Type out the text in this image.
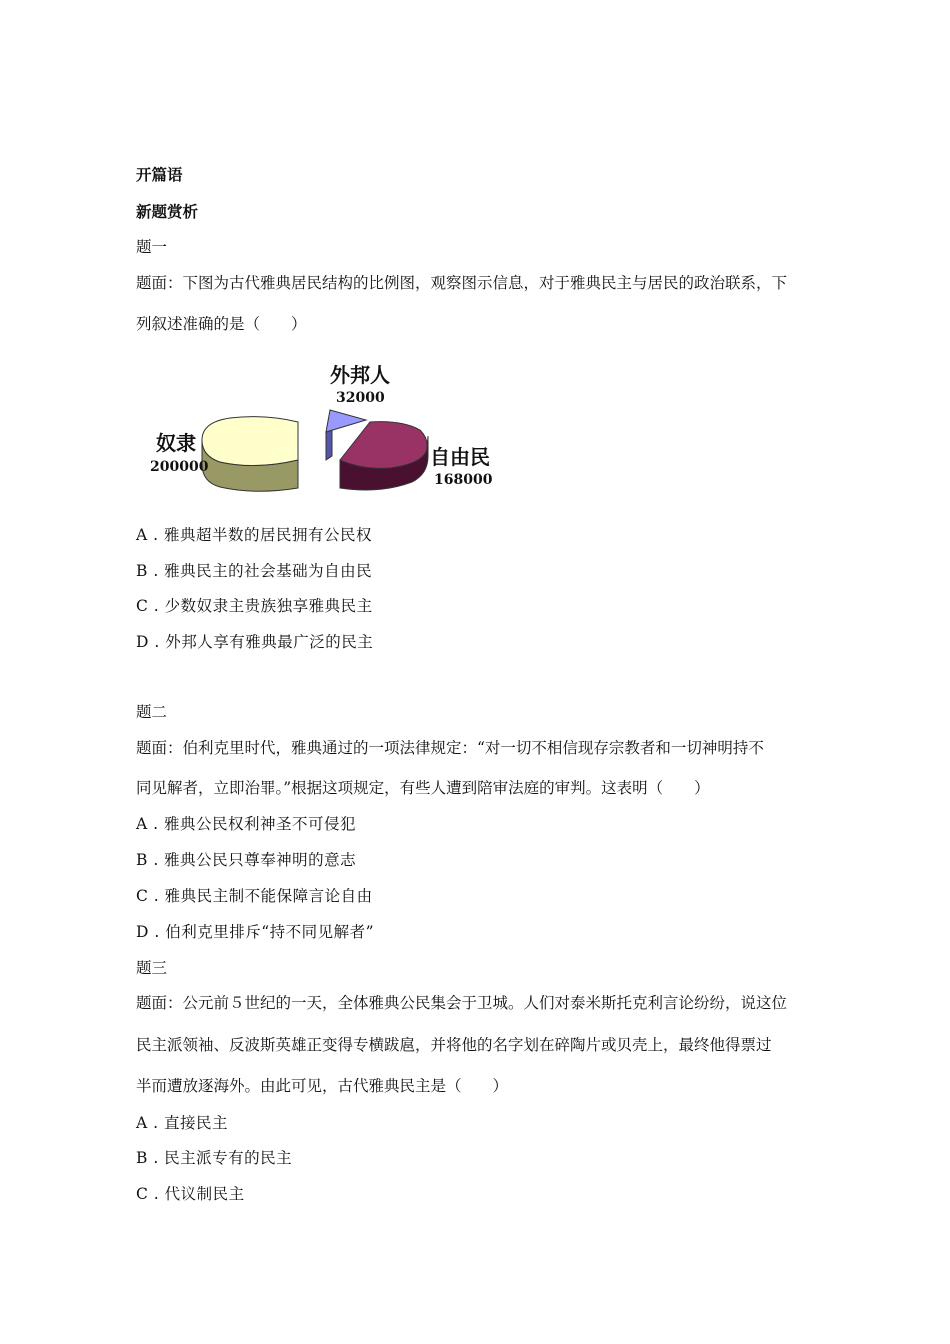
开篇语
新题赏析
题一
题面：下图为古代雅典居民结构的比例图，观察图示信息，对于雅典民主与居民的政治联系，下
列叙述准确的是（　　）
外邦人
32000
奴隶
200000	自由民
168000
A . 雅典超半数的居民拥有公民权
B . 雅典民主的社会基础为自由民
C . 少数奴隶主贵族独享雅典民主
D . 外邦人享有雅典最广泛的民主
题二
题面：伯利克里时代，雅典通过的一项法律规定：“对一切不相信现存宗教者和一切神明持不
同见解者，立即治罪。”根据这项规定，有些人遭到陪审法庭的审判。这表明（　　）
A . 雅典公民权利神圣不可侵犯
B . 雅典公民只尊奉神明的意志
C . 雅典民主制不能保障言论自由
D . 伯利克里排斥“持不同见解者”
题三
题面：公元前５世纪的一天，全体雅典公民集会于卫城。人们对泰米斯托克利言论纷纷，说这位
民主派领袖、反波斯英雄正变得专横跋扈，并将他的名字划在碎陶片或贝壳上，最终他得票过
半而遭放逐海外。由此可见，古代雅典民主是（　　）
A . 直接民主
B . 民主派专有的民主
C . 代议制民主
